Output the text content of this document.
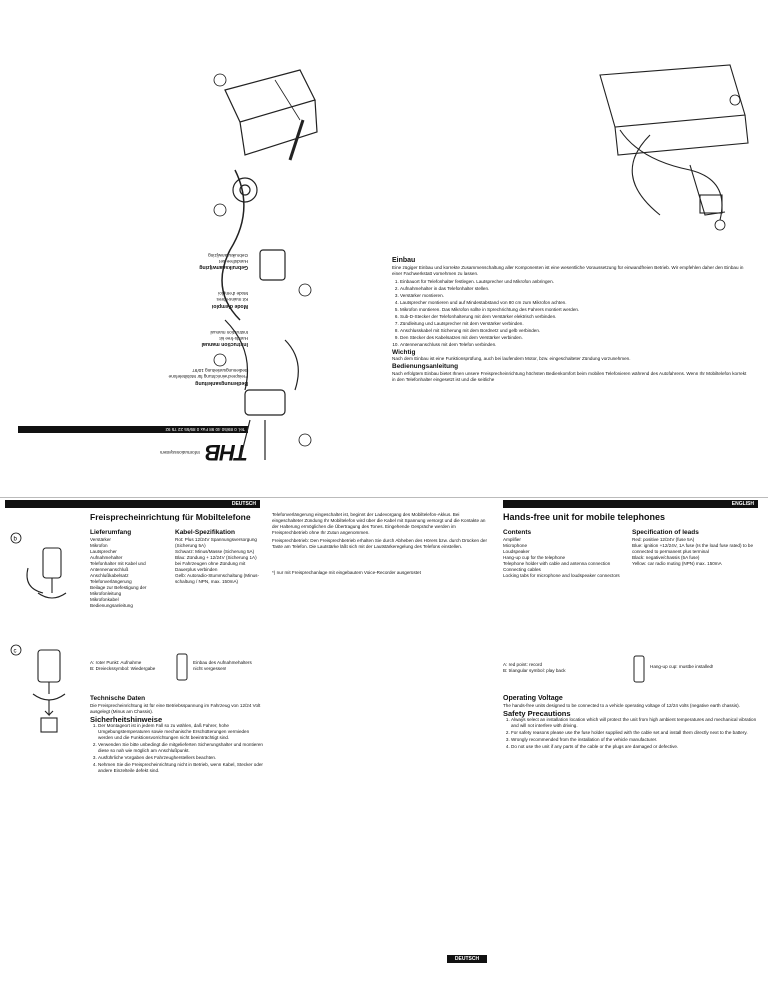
THB
Informationssystem
Tel. 0 89/50 40 98 Fax 0 89/55 22 75 92
Bedienungsanleitung
Freisprecheinrichtung für Mobiltelefone
Bedienungsanleitung 10/97
Instruction manual
Hands-free kit
Instruction manual
Mode d'emploi
Kit mains-libres
Mode d'emploi
Gebruiksaanwijzing
Handsfree-set
Gebruiksaanwijzing
Einbau

Eine zügiger Einbau und korrekte Zusammenschaltung aller Komponenten ist eine wesentliche Voraussetzung für einwandfreien Betrieb. Wir empfehlen daher den Einbau in einer Fachwerkstatt vornehmen zu lassen.

1. Einbauort für Telefonhalter festlegen. Lautsprecher und Mikrofon anbringen.
2. Aufnahmehalter in das Telefonhalter stellen.
3. Verstärker montieren.
4. Lautsprecher montieren und auf Mindestabstand von 80 cm zum Mikrofon achten.
5. Mikrofon montieren. Das Mikrofon sollte in Sprechrichtung des Fahrers montiert werden.
6. Sub-D-Stecker der Telefonhalterung mit dem Verstärker elektrisch verbinden.
7. Zündleitung und Lautsprecher mit dem Verstärker verbinden.
8. Anschlusskabel mit Sicherung mit dem Bordnetz und gelb verbinden.
9. Den Stecker des Kabelsatzes mit dem Verstärker verbinden.
10. Antennenanschluss mit dem Telefon verbinden.
Wichtig

Nach dem Einbau ist eine Funktionsprüfung, auch bei laufendem Motor, bzw. eingeschalteter Zündung vorzunehmen.

Bedienungsanleitung

Nach erfolgtem Einbau bietet Ihnen unsere Freisprecheinrichtung höchsten Bedienkomfort beim mobilen Telefonieren während des Autofahrens. Wenn Ihr Mobiltelefon korrekt in den Telefonhalter eingesetzt ist und die seitliche

DEUTSCH
b
c
Freisprecheinrichtung für Mobiltelefone
Lieferumfang
Verstärker
Mikrofon
Lautsprecher
Aufnahmehalter
Telefonhalter mit Kabel und Antennenanschluß
Anschlußkabelsatz
Telefonverlängerung
Beilage zur Befestigung der Mikrofonleitung
Mikrofonkabel
Bedienungsanleitung
Kabel-Spezifikation
Rot: Plus 12/24V Spannungsversorgung (Sicherung 5A)
Schwarz: Minus/Masse (Sicherung 5A)
Blau: Zündung + 12/24V (Sicherung 1A) bei Fahrzeugen ohne Zündung mit Dauerplus verbinden
Gelb: Autoradio-Stummschaltung (Minus-schaltung / NPN, max. 150mA)
A: roter Punkt: Aufnahme
B: Dreieckssymbol: Wiedergabe
Einbau des Aufnahmehalters nicht vergessen!
Technische Daten

Die Freisprecheinrichtung ist für eine Betriebsspannung im Fahrzeug von 12/24 Volt ausgelegt (Minus am Chassis).

Sicherheitshinweise
1. Der Montageort ist in jedem Fall so zu wählen, daß Fahrer, hohe Umgebungstemperaturen sowie mechanische Erschütterungen vermieden werden und die Funktionsvorrichtungen nicht beeinträchtigt sind.
2. Verwenden Sie bitte unbedingt die mitgelieferten Sicherungshalter und montieren diese so nah wie möglich am Anschlußpunkt.
3. Ausführliche Vorgaben des Fahrzeugherstellers beachten.
4. Nehmen Sie die Freisprecheinrichtung nicht in Betrieb, wenn Kabel, Stecker oder andere Einzelteile defekt sind.

Telefonverlängerung eingeschaltet ist, beginnt der Ladevorgang des Mobiltelefon-Akkus. Bei eingeschalteter Zündung Ihr Mobiltelefon wird über die Kabel mit Spannung versorgt und die Kontakte an der Halterung ermöglichen die Übertragung des Tones. Eingehende Gespräche werden im Freisprechbetrieb ohne Ihr Zutun angenommen.

Freisprechbetrieb: Den Freisprechbetrieb erhalten Sie durch Abheben des Hörers bzw. durch Drücken der Taste am Telefon. Die Lautstärke läßt sich mit der Lautstärkeregelung des Telefons einstellen.

*) nur mit Freisprechanlage mit eingebautem Voice-Recorder ausgerüstet

DEUTSCH
ENGLISH
Hands-free unit for mobile telephones
Contents
Amplifier
Microphone
Loudspeaker
Hang-up cup for the telephone
Telephone holder with cable and antenna connection
Connecting cables
Locking tabs for microphone and loudspeaker connectors
Specification of leads
Red: positive 12/24V (fuse 5A)
Blue: ignition +12/24V, 1A fuse (Is the load fuse rated) to be connected to permanent plus terminal
Black: negative/chassis (5A fuse)
Yellow: car radio muting (NPN) max. 150mA
A: red point: record
B: triangular symbol: play back
Hang-up cup: mustbe installed!
Operating Voltage

The hands-free units designed to be connected to a vehicle operating voltage of 12/24 volts (negative earth chassis).

Safety Precautions
1. Always select an installation location which will protect the unit from high ambient temperatures and mechanical vibration and will not interfere with driving.
2. For safety reasons please use the fuse holder supplied with the cable set and install them directly next to the battery.
3. Wrongly recommended from the installation of the vehicle manufacturer.
4. Do not use the unit if any parts of the cable or the plugs are damaged or defective.
